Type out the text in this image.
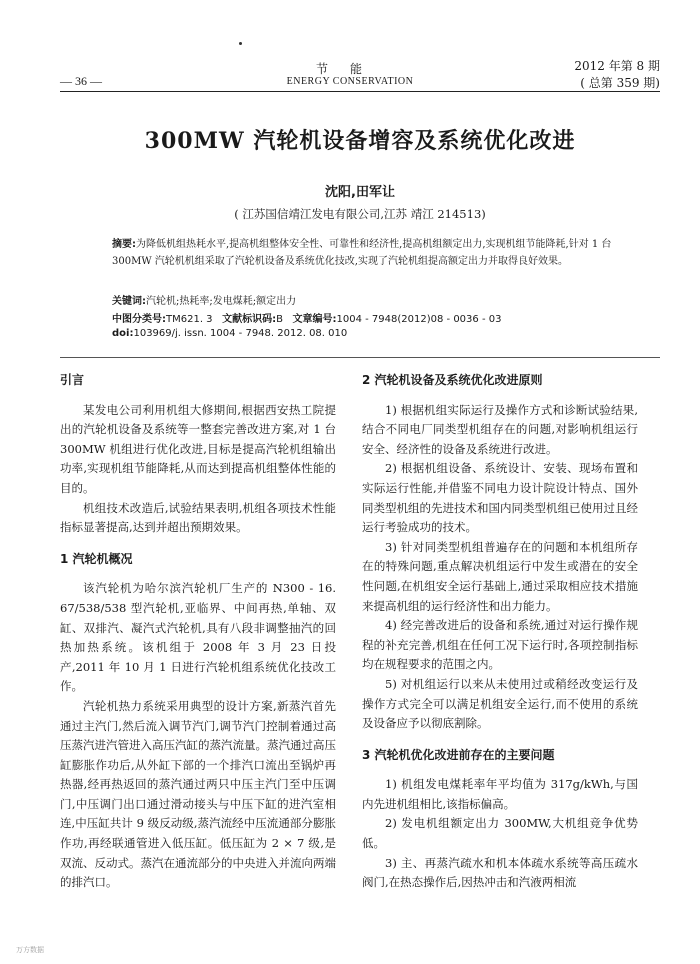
节能
ENERGY CONSERVATION
— 36 —
2012 年第 8 期
( 总第 359 期)
300MW 汽轮机设备增容及系统优化改进
沈阳,田军让
( 江苏国信靖江发电有限公司,江苏 靖江 214513)
摘要:为降低机组热耗水平,提高机组整体安全性、可靠性和经济性,提高机组额定出力,实现机组节能降耗,针对 1 台 300MW 汽轮机机组采取了汽轮机设备及系统优化技改,实现了汽轮机组提高额定出力并取得良好效果。
关键词:汽轮机;热耗率;发电煤耗;额定出力
中图分类号:TM621. 3 文献标识码:B 文章编号:1004 - 7948(2012)08 - 0036 - 03
doi:103969/j. issn. 1004 - 7948. 2012. 08. 010
引言

某发电公司利用机组大修期间,根据西安热工院提出的汽轮机设备及系统等一整套完善改进方案,对 1 台 300MW 机组进行优化改进,目标是提高汽轮机组输出功率,实现机组节能降耗,从而达到提高机组整体性能的目的。

机组技术改造后,试验结果表明,机组各项技术性能指标显著提高,达到并超出预期效果。

1 汽轮机概况

该汽轮机为哈尔滨汽轮机厂生产的 N300 - 16. 67/538/538 型汽轮机,亚临界、中间再热,单轴、双缸、双排汽、凝汽式汽轮机,具有八段非调整抽汽的回热加热系统。该机组于 2008 年 3 月 23 日投产,2011 年 10 月 1 日进行汽轮机组系统优化技改工作。

汽轮机热力系统采用典型的设计方案,新蒸汽首先通过主汽门,然后流入调节汽门,调节汽门控制着通过高压蒸汽进汽管进入高压汽缸的蒸汽流量。蒸汽通过高压缸膨胀作功后,从外缸下部的一个排汽口流出至锅炉再热器,经再热返回的蒸汽通过两只中压主汽门至中压调门,中压调门出口通过滑动接头与中压下缸的进汽室相连,中压缸共计 9 级反动级,蒸汽流经中压流通部分膨胀作功,再经联通管进入低压缸。低压缸为 2 × 7 级,是双流、反动式。蒸汽在通流部分的中央进入并流向两端的排汽口。

2 汽轮机设备及系统优化改进原则

1) 根据机组实际运行及操作方式和诊断试验结果,结合不同电厂同类型机组存在的问题,对影响机组运行安全、经济性的设备及系统进行改进。

2) 根据机组设备、系统设计、安装、现场布置和实际运行性能,并借鉴不同电力设计院设计特点、国外同类型机组的先进技术和国内同类型机组已使用过且经运行考验成功的技术。

3) 针对同类型机组普遍存在的问题和本机组所存在的特殊问题,重点解决机组运行中发生或潜在的安全性问题,在机组安全运行基础上,通过采取相应技术措施来提高机组的运行经济性和出力能力。

4) 经完善改进后的设备和系统,通过对运行操作规程的补充完善,机组在任何工况下运行时,各项控制指标均在规程要求的范围之内。

5) 对机组运行以来从未使用过或稍经改变运行及操作方式完全可以满足机组安全运行,而不使用的系统及设备应予以彻底割除。

3 汽轮机优化改进前存在的主要问题

1) 机组发电煤耗率年平均值为 317g/kWh,与国内先进机组相比,该指标偏高。

2) 发电机组额定出力 300MW,大机组竞争优势低。

3) 主、再蒸汽疏水和机本体疏水系统等高压疏水阀门,在热态操作后,因热冲击和汽液两相流

万方数据
